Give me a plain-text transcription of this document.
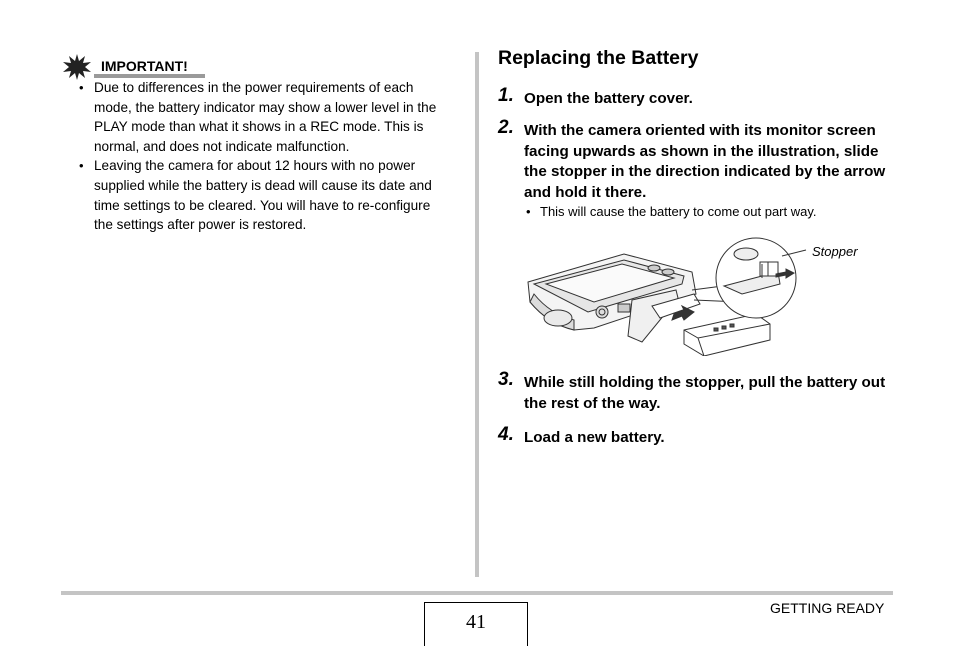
IMPORTANT!
• Due to differences in the power requirements of each mode, the battery indicator may show a lower level in the PLAY mode than what it shows in a REC mode. This is normal, and does not indicate malfunction.
• Leaving the camera for about 12 hours with no power supplied while the battery is dead will cause its date and time settings to be cleared. You will have to re-configure the settings after power is restored.
Replacing the Battery
1. Open the battery cover.
2. With the camera oriented with its monitor screen facing upwards as shown in the illustration, slide the stopper in the direction indicated by the arrow and hold it there.
• This will cause the battery to come out part way.
Stopper
3. While still holding the stopper, pull the battery out the rest of the way.
4. Load a new battery.
41
GETTING READY
